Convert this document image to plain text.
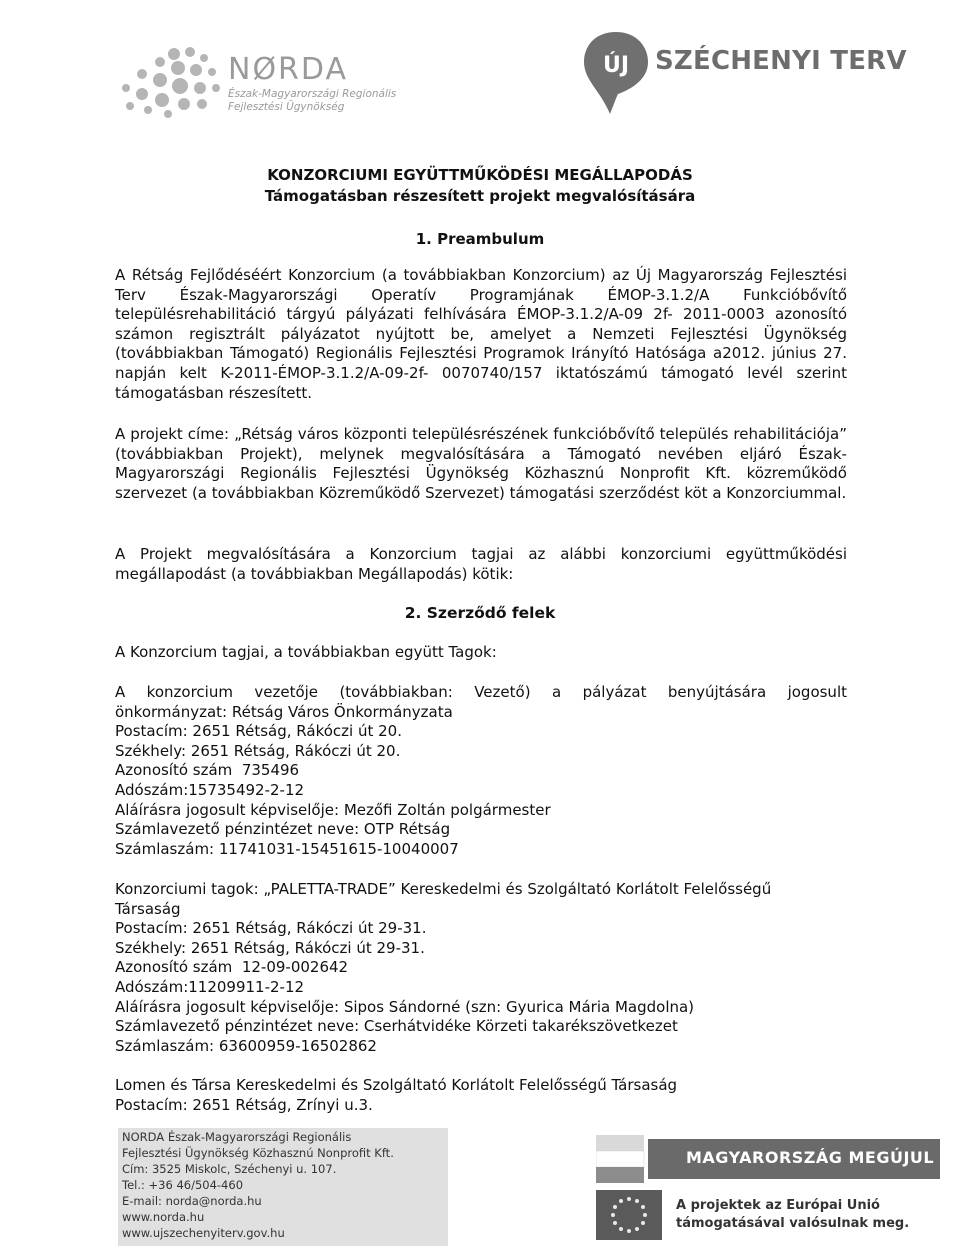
NØRDA
Észak-Magyarországi Regionális
Fejlesztési Ügynökség
ÚJ SZÉCHENYI TERV
KONZORCIUMI EGYÜTTMŰKÖDÉSI MEGÁLLAPODÁS
Támogatásban részesített projekt megvalósítására
1. Preambulum
A Rétság Fejlődéséért Konzorcium (a továbbiakban Konzorcium) az Új Magyarország Fejlesztési Terv Észak-Magyarországi Operatív Programjának ÉMOP-3.1.2/A Funkcióbővítő településrehabilitáció tárgyú pályázati felhívására ÉMOP-3.1.2/A-09 2f- 2011-0003 azonosító számon regisztrált pályázatot nyújtott be, amelyet a Nemzeti Fejlesztési Ügynökség (továbbiakban Támogató) Regionális Fejlesztési Programok Irányító Hatósága a2012. június 27. napján kelt K-2011-ÉMOP-3.1.2/A-09-2f- 0070740/157 iktatószámú támogató levél szerint támogatásban részesített.
A projekt címe: „Rétság város központi településrészének funkcióbővítő település rehabilitációja” (továbbiakban Projekt), melynek megvalósítására a Támogató nevében eljáró Észak-Magyarországi Regionális Fejlesztési Ügynökség Közhasznú Nonprofit Kft. közreműködő szervezet (a továbbiakban Közreműködő Szervezet) támogatási szerződést köt a Konzorciummal.
A Projekt megvalósítására a Konzorcium tagjai az alábbi konzorciumi együttműködési megállapodást (a továbbiakban Megállapodás) kötik:
2. Szerződő felek
A Konzorcium tagjai, a továbbiakban együtt Tagok:
A konzorcium vezetője (továbbiakban: Vezető) a pályázat benyújtására jogosult
önkormányzat: Rétság Város Önkormányzata
Postacím: 2651 Rétság, Rákóczi út 20.
Székhely: 2651 Rétság, Rákóczi út 20.
Azonosító szám  735496
Adószám:15735492-2-12
Aláírásra jogosult képviselője: Mezőfi Zoltán polgármester
Számlavezető pénzintézet neve: OTP Rétság
Számlaszám: 11741031-15451615-10040007
Konzorciumi tagok: „PALETTA-TRADE” Kereskedelmi és Szolgáltató Korlátolt Felelősségű
Társaság
Postacím: 2651 Rétság, Rákóczi út 29-31.
Székhely: 2651 Rétság, Rákóczi út 29-31.
Azonosító szám  12-09-002642
Adószám:11209911-2-12
Aláírásra jogosult képviselője: Sipos Sándorné (szn: Gyurica Mária Magdolna)
Számlavezető pénzintézet neve: Cserhátvidéke Körzeti takarékszövetkezet
Számlaszám: 63600959-16502862
Lomen és Társa Kereskedelmi és Szolgáltató Korlátolt Felelősségű Társaság
Postacím: 2651 Rétság, Zrínyi u.3.
NORDA Észak-Magyarországi Regionális
Fejlesztési Ügynökség Közhasznú Nonprofit Kft.
Cím: 3525 Miskolc, Széchenyi u. 107.
Tel.: +36 46/504-460
E-mail: norda@norda.hu
www.norda.hu
www.ujszechenyiterv.gov.hu
MAGYARORSZÁG MEGÚJUL
A projektek az Európai Unió
támogatásával valósulnak meg.
